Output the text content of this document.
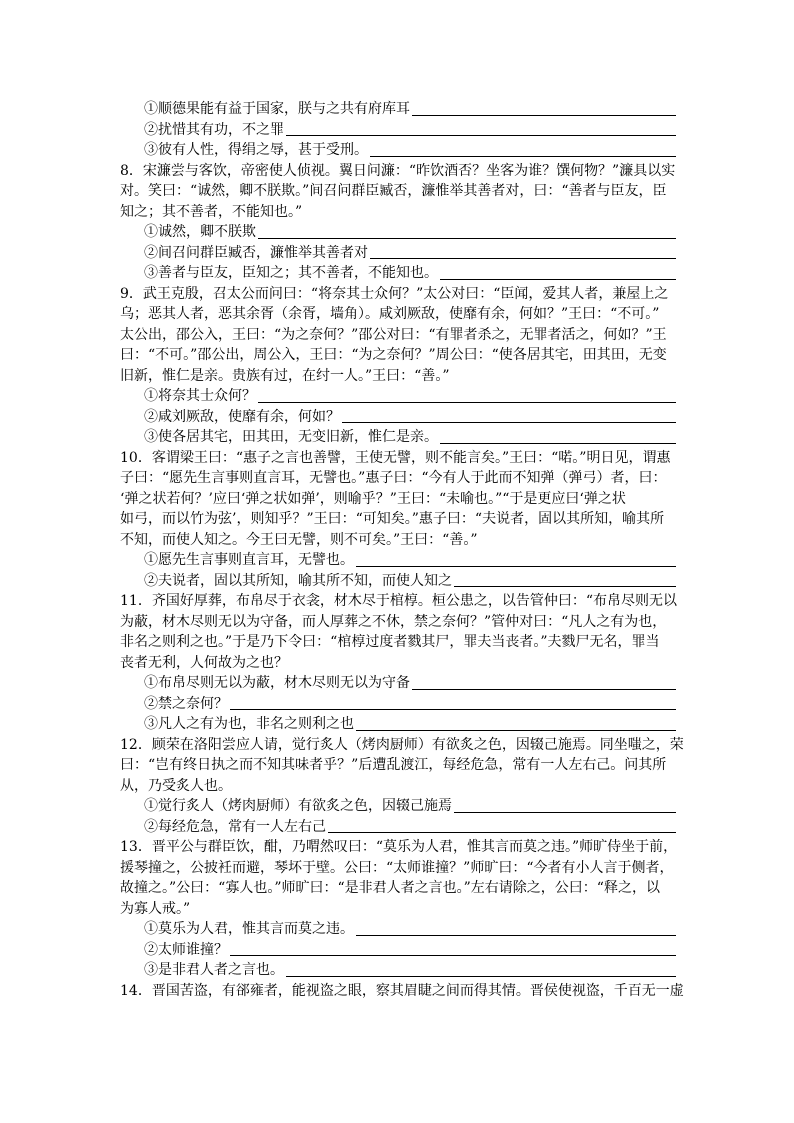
①顺德果能有益于国家，朕与之共有府库耳
②扰惜其有功，不之罪
③彼有人性，得绢之辱，甚于受刑。
8．宋濂尝与客饮，帝密使人侦视。翼日问濂：“昨饮酒否？坐客为谁？馔何物？”濂具以实
对。笑曰：“诚然，卿不朕欺。”间召问群臣臧否，濂惟举其善者对，曰：“善者与臣友，臣
知之；其不善者，不能知也。”
①诚然，卿不朕欺
②间召问群臣臧否，濂惟举其善者对
③善者与臣友，臣知之；其不善者，不能知也。
9．武王克殷，召太公而问曰：“将奈其士众何？”太公对曰：“臣闻，爱其人者，兼屋上之
乌；恶其人者，恶其余胥（余胥，墙角）。咸刘厥敌，使靡有余，何如？”王曰：“不可。”
太公出，邵公入，王曰：“为之奈何？”邵公对曰：“有罪者杀之，无罪者活之，何如？”王
曰：“不可。”邵公出，周公入，王曰：“为之奈何？”周公曰：“使各居其宅，田其田，无变
旧新，惟仁是亲。贵族有过，在纣一人。”王曰：“善。”
①将奈其士众何？
②咸刘厥敌，使靡有余，何如？
③使各居其宅，田其田，无变旧新，惟仁是亲。
10．客谓梁王曰：“惠子之言也善譬，王使无譬，则不能言矣。”王曰：“喏。”明日见，谓惠
子曰：“愿先生言事则直言耳，无譬也。”惠子曰：“今有人于此而不知弹（弹弓）者，曰：
‘弹之状若何？’应曰‘弹之状如弹’，则喻乎？”王曰：“未喻也。”“于是更应曰‘弹之状
如弓，而以竹为弦’，则知乎？”王曰：“可知矣。”惠子曰：“夫说者，固以其所知，喻其所
不知，而使人知之。今王曰无譬，则不可矣。”王曰：“善。”
①愿先生言事则直言耳，无譬也。
②夫说者，固以其所知，喻其所不知，而使人知之
11．齐国好厚葬，布帛尽于衣衾，材木尽于棺椁。桓公患之，以告管仲曰：“布帛尽则无以
为蔽，材木尽则无以为守备，而人厚葬之不休，禁之奈何？”管仲对曰：“凡人之有为也，
非名之则利之也。”于是乃下令曰：“棺椁过度者戮其尸，罪夫当丧者。”夫戮尸无名，罪当
丧者无利，人何故为之也？
①布帛尽则无以为蔽，材木尽则无以为守备
②禁之奈何？
③凡人之有为也，非名之则利之也
12．顾荣在洛阳尝应人请，觉行炙人（烤肉厨师）有欲炙之色，因辍己施焉。同坐嗤之，荣
曰：“岂有终日执之而不知其味者乎？”后遭乱渡江，每经危急，常有一人左右己。问其所
从，乃受炙人也。
①觉行炙人（烤肉厨师）有欲炙之色，因辍己施焉
②每经危急，常有一人左右己
13．晋平公与群臣饮，酣，乃喟然叹曰：“莫乐为人君，惟其言而莫之违。”师旷侍坐于前，
援琴撞之，公披衽而避，琴坏于壁。公曰：“太师谁撞？”师旷曰：“今者有小人言于侧者，
故撞之。”公曰：“寡人也。”师旷曰：“是非君人者之言也。”左右请除之，公曰：“释之，以
为寡人戒。”
①莫乐为人君，惟其言而莫之违。
②太师谁撞？
③是非君人者之言也。
14．晋国苦盗，有郤雍者，能视盗之眼，察其眉睫之间而得其情。晋侯使视盗，千百无一虚
